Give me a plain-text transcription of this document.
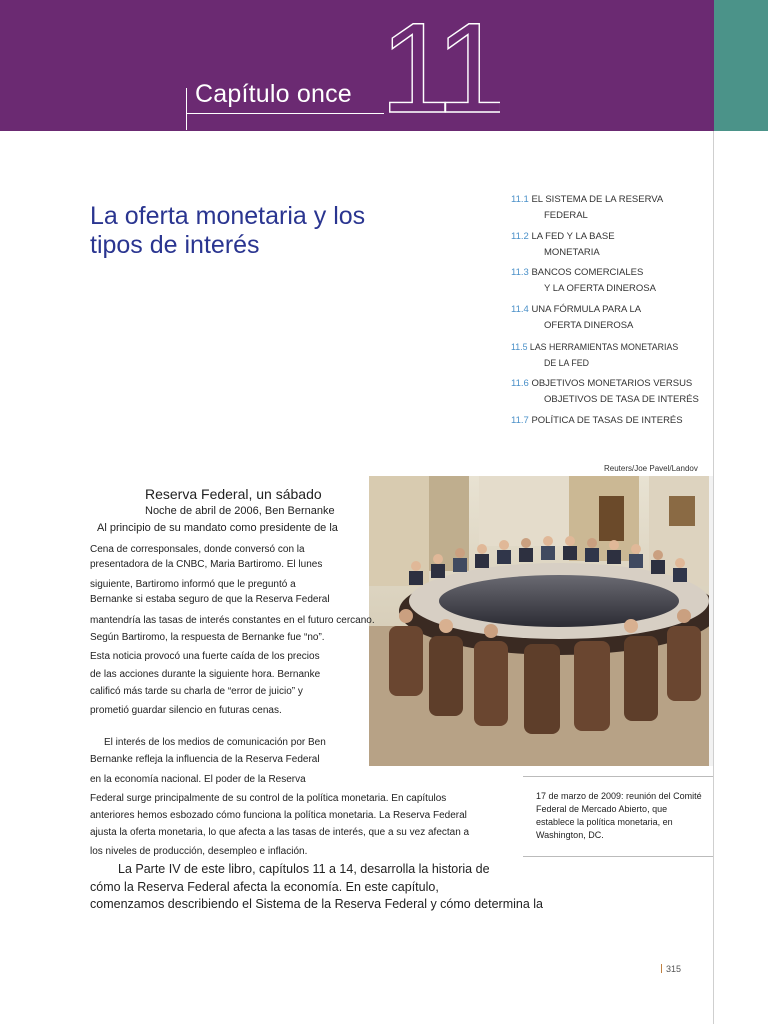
Capítulo once 11
La oferta monetaria y los tipos de interés
11.1 EL SISTEMA DE LA RESERVA
FEDERAL
11.2 LA FED Y LA BASE
MONETARIA
11.3 BANCOS COMERCIALES
Y LA OFERTA DINEROSA
11.4 UNA FÓRMULA PARA LA
OFERTA DINEROSA
11.5 LAS HERRAMIENTAS MONETARIAS
DE LA FED
11.6 OBJETIVOS MONETARIOS VERSUS
OBJETIVOS DE TASA DE INTERÉS
11.7 POLÍTICA DE TASAS DE INTERÉS
Reuters/Joe Pavel/Landov
17 de marzo de 2009: reunión del Comité Federal de Mercado Abierto, que establece la política monetaria, en Washington, DC.
Reserva Federal, un sábado
Noche de abril de 2006, Ben Bernanke
Al principio de su mandato como presidente de la
Cena de corresponsales, donde conversó con la
presentadora de la CNBC, Maria Bartiromo. El lunes
siguiente, Bartiromo informó que le preguntó a
Bernanke si estaba seguro de que la Reserva Federal
mantendría las tasas de interés constantes en el futuro cercano.
Según Bartiromo, la respuesta de Bernanke fue “no”.
Esta noticia provocó una fuerte caída de los precios
de las acciones durante la siguiente hora. Bernanke
calificó más tarde su charla de “error de juicio” y
prometió guardar silencio en futuras cenas.
El interés de los medios de comunicación por Ben
Bernanke refleja la influencia de la Reserva Federal
en la economía nacional. El poder de la Reserva
Federal surge principalmente de su control de la política monetaria. En capítulos
anteriores hemos esbozado cómo funciona la política monetaria. La Reserva Federal
ajusta la oferta monetaria, lo que afecta a las tasas de interés, que a su vez afectan a
los niveles de producción, desempleo e inflación.
La Parte IV de este libro, capítulos 11 a 14, desarrolla la historia de
cómo la Reserva Federal afecta la economía. En este capítulo,
comenzamos describiendo el Sistema de la Reserva Federal y cómo determina la
315
